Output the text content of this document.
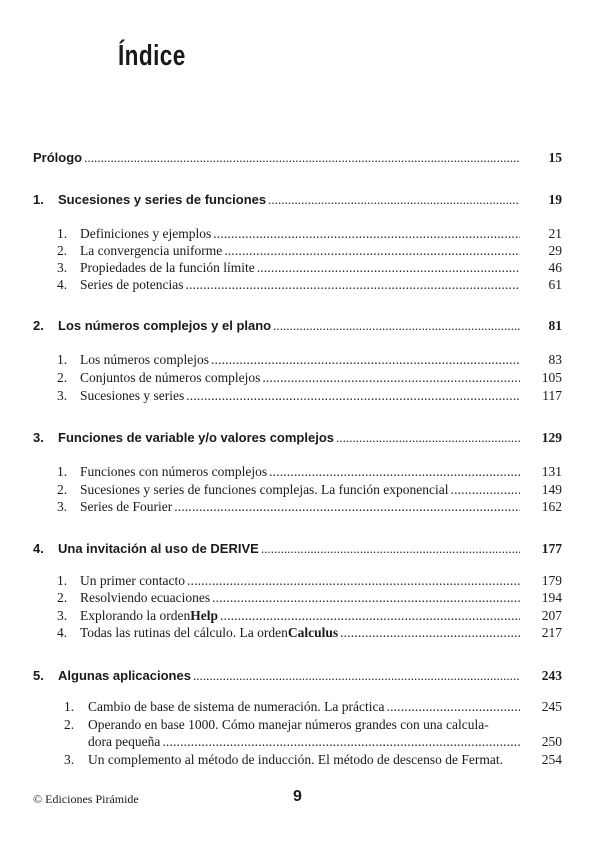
Índice
Prólogo . . .	15
1.	Sucesiones y series de funciones . . .	19
1. Definiciones y ejemplos . . .	21
2. La convergencia uniforme . . .	29
3. Propiedades de la función límite . . .	46
4. Series de potencias . . .	61
2.	Los números complejos y el plano . . .	81
1. Los números complejos . . .	83
2. Conjuntos de números complejos . . .	105
3. Sucesiones y series . . .	117
3.	Funciones de variable y/o valores complejos . . .	129
1. Funciones con números complejos . . .	131
2. Sucesiones y series de funciones complejas. La función exponencial . . .	149
3. Series de Fourier . . .	162
4.	Una invitación al uso de DERIVE . . .	177
1. Un primer contacto . . .	179
2. Resolviendo ecuaciones . . .	194
3. Explorando la orden Help . . .	207
4. Todas las rutinas del cálculo. La orden Calculus . . .	217
5.	Algunas aplicaciones . . .	243
1.	Cambio de base de sistema de numeración. La práctica . . .	245
2.	Operando en base 1000. Cómo manejar números grandes con una calcula-
dora pequeña . . .	250
3.	Un complemento al método de inducción. El método de descenso de Fermat.	254
© Ediciones Pirámide	9
